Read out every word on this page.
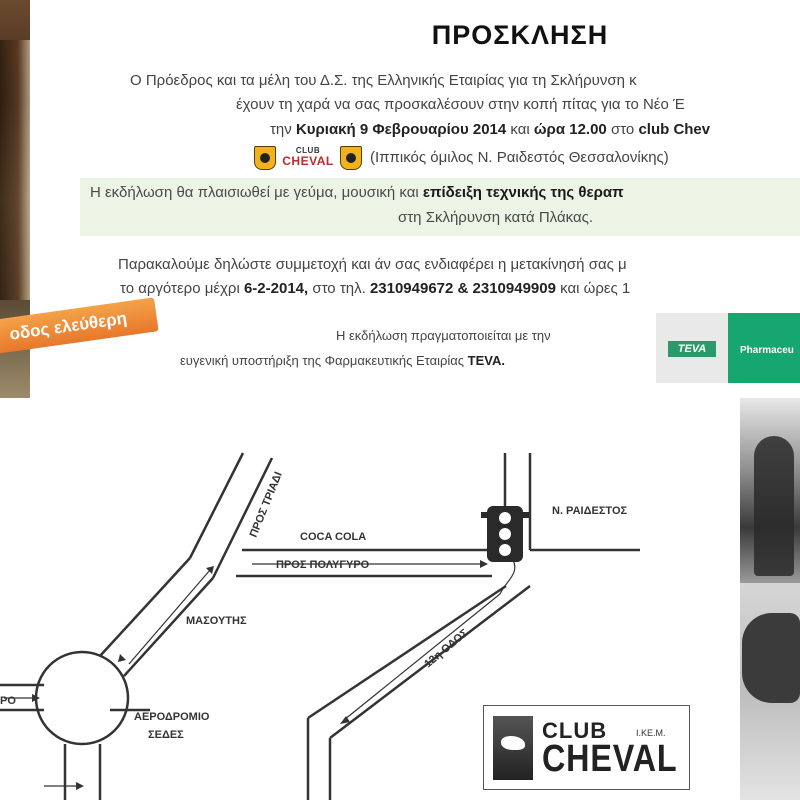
οδος ελεύθερη
ΠΡΟΣΚΛΗΣΗ
Ο Πρόεδρος και τα μέλη του Δ.Σ. της Ελληνικής Εταιρίας για τη Σκλήρυνση κ
έχουν τη χαρά να σας προσκαλέσουν στην κοπή πίτας για το Νέο Έ
την Κυριακή 9 Φεβρουαρίου 2014 και ώρα 12.00 στο club Chev
CLUB
CHEVAL (Ιππικός όμιλος Ν. Ραιδεστός Θεσσαλονίκης)
Η εκδήλωση θα πλαισιωθεί με γεύμα, μουσική και επίδειξη τεχνικής της θεραπ
στη Σκλήρυνση κατά Πλάκας.
Παρακαλούμε δηλώστε συμμετοχή και άν σας ενδιαφέρει η μετακίνησή σας μ
το αργότερο μέχρι 6-2-2014, στο τηλ. 2310949672 & 2310949909 και ώρες 1
Η εκδήλωση πραγματοποιείται με την
ευγενική υποστήριξη της Φαρμακευτικής Εταιρίας TEVA.
TEVA	Pharmaceu
ΠΡΟΣ ΤΡΙΑΔΙ COCA COLA
ΠΡΟΣ ΠΟΛΥΓΥΡΟ
Ν. ΡΑΙΔΕΣΤΟΣ
ΜΑΣΟΥΤΗΣ
12η ΟΔΟΣ
ΡΟ
ΑΕΡΟΔΡΟΜΙΟ
ΣΕΔΕΣ	CLUB
CHEVAL
Ι.ΚΕ.Μ.
